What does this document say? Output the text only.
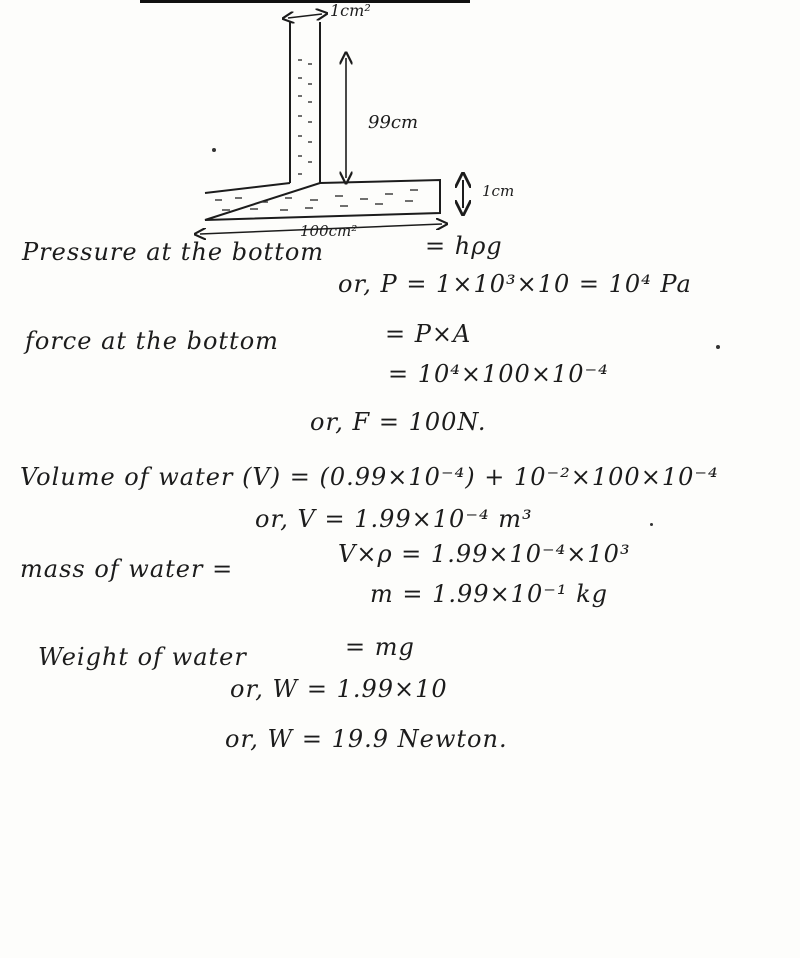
1cm²
99cm
1cm
100cm²
Pressure at the bottom	= hρg
or, P = 1×10³×10 = 10⁴ Pa
force at the bottom	= P×A
= 10⁴×100×10⁻⁴
or, F = 100N.
Volume of water (V) = (0.99×10⁻⁴) + 10⁻²×100×10⁻⁴
or, V = 1.99×10⁻⁴ m³
mass of water =
V×ρ = 1.99×10⁻⁴×10³
m = 1.99×10⁻¹ kg
Weight of water	= mg
or, W = 1.99×10
or, W = 19.9 Newton.
